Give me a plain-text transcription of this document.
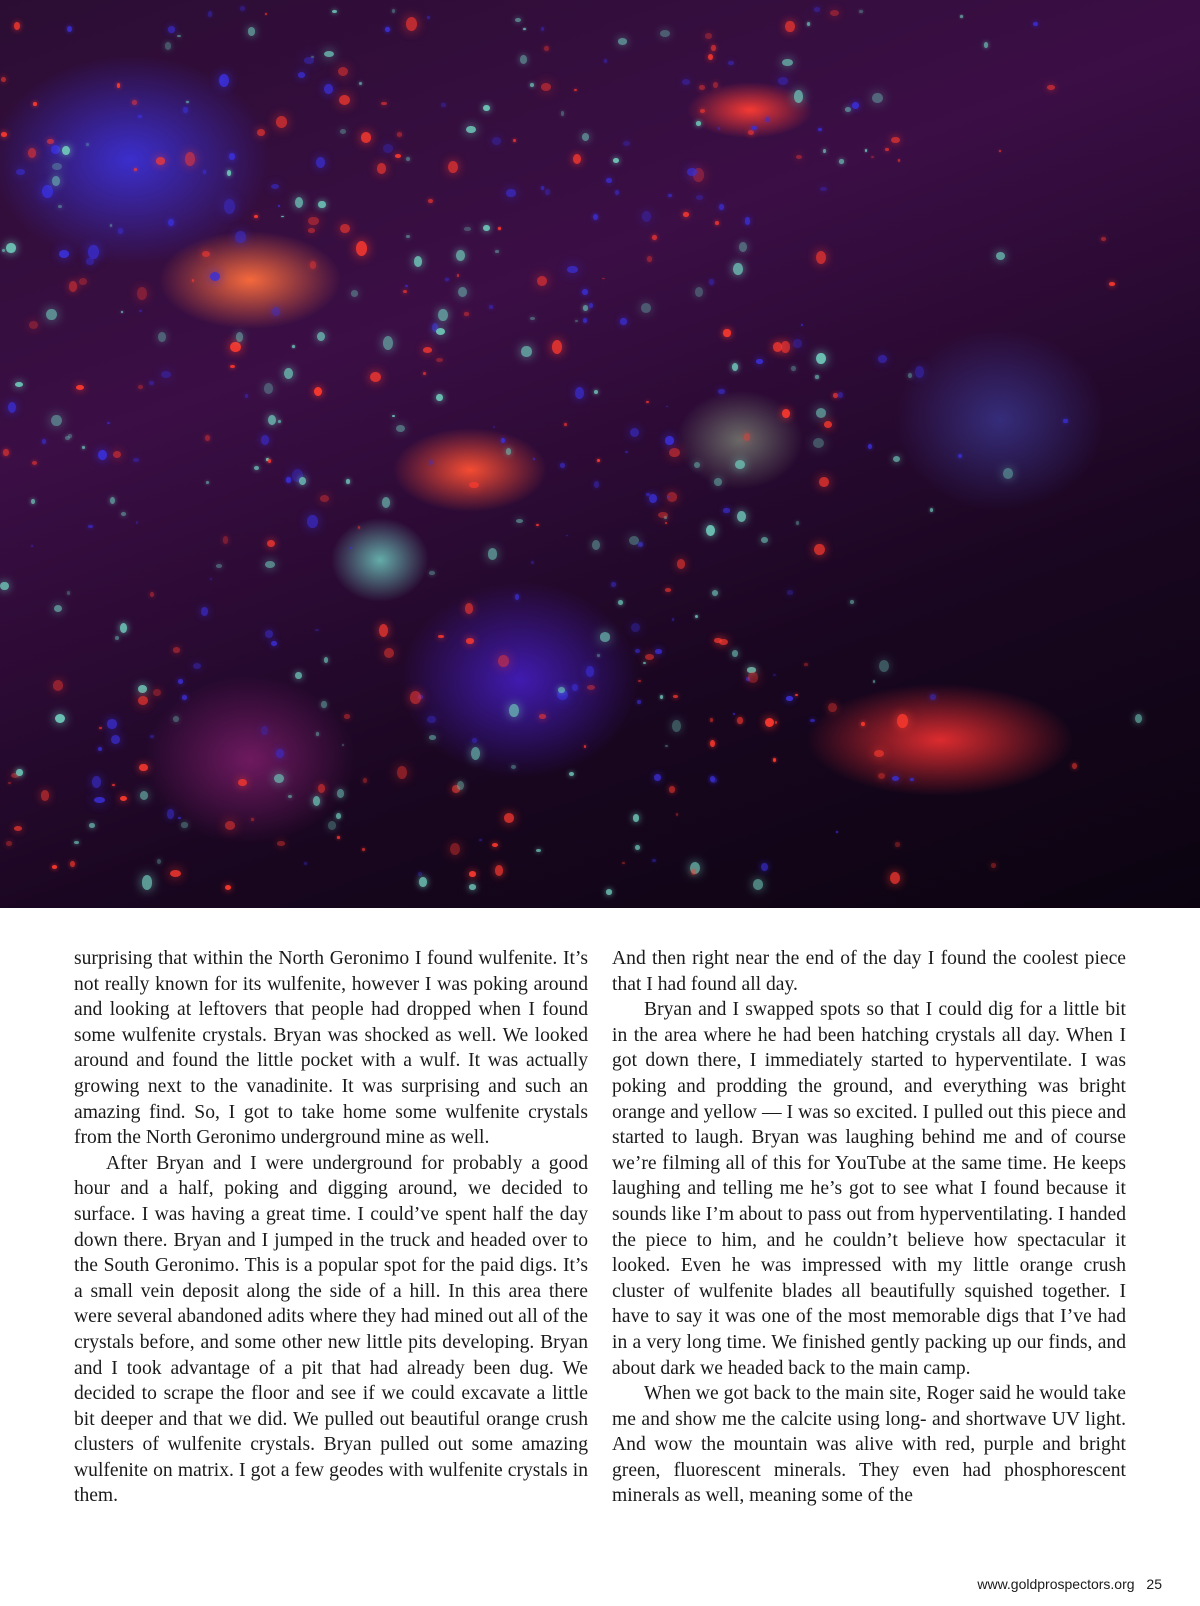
surprising that within the North Geronimo I found wulfenite. It’s not really known for its wulfenite, however I was poking around and looking at leftovers that people had dropped when I found some wulfenite crystals. Bryan was shocked as well. We looked around and found the little pocket with a wulf. It was actually growing next to the vanadinite. It was surprising and such an amazing find. So, I got to take home some wulfenite crystals from the North Geronimo underground mine as well.

After Bryan and I were underground for probably a good hour and a half, poking and digging around, we decided to surface. I was having a great time. I could’ve spent half the day down there. Bryan and I jumped in the truck and headed over to the South Geronimo. This is a popular spot for the paid digs. It’s a small vein deposit along the side of a hill. In this area there were several abandoned adits where they had mined out all of the crystals before, and some other new little pits developing. Bryan and I took advantage of a pit that had already been dug. We decided to scrape the floor and see if we could excavate a little bit deeper and that we did. We pulled out beautiful orange crush clusters of wulfenite crystals. Bryan pulled out some amazing wulfenite on matrix. I got a few geodes with wulfenite crystals in them.

And then right near the end of the day I found the coolest piece that I had found all day.

Bryan and I swapped spots so that I could dig for a little bit in the area where he had been hatching crystals all day. When I got down there, I immediately started to hyperventilate. I was poking and prodding the ground, and everything was bright orange and yellow — I was so excited. I pulled out this piece and started to laugh. Bryan was laughing behind me and of course we’re filming all of this for YouTube at the same time. He keeps laughing and telling me he’s got to see what I found because it sounds like I’m about to pass out from hyperventilating. I handed the piece to him, and he couldn’t believe how spectacular it looked. Even he was impressed with my little orange crush cluster of wulfenite blades all beautifully squished together. I have to say it was one of the most memorable digs that I’ve had in a very long time. We finished gently packing up our finds, and about dark we headed back to the main camp.

When we got back to the main site, Roger said he would take me and show me the calcite using long- and shortwave UV light. And wow the mountain was alive with red, purple and bright green, fluorescent minerals. They even had phosphorescent minerals as well, meaning some of the

www.goldprospectors.org 25
